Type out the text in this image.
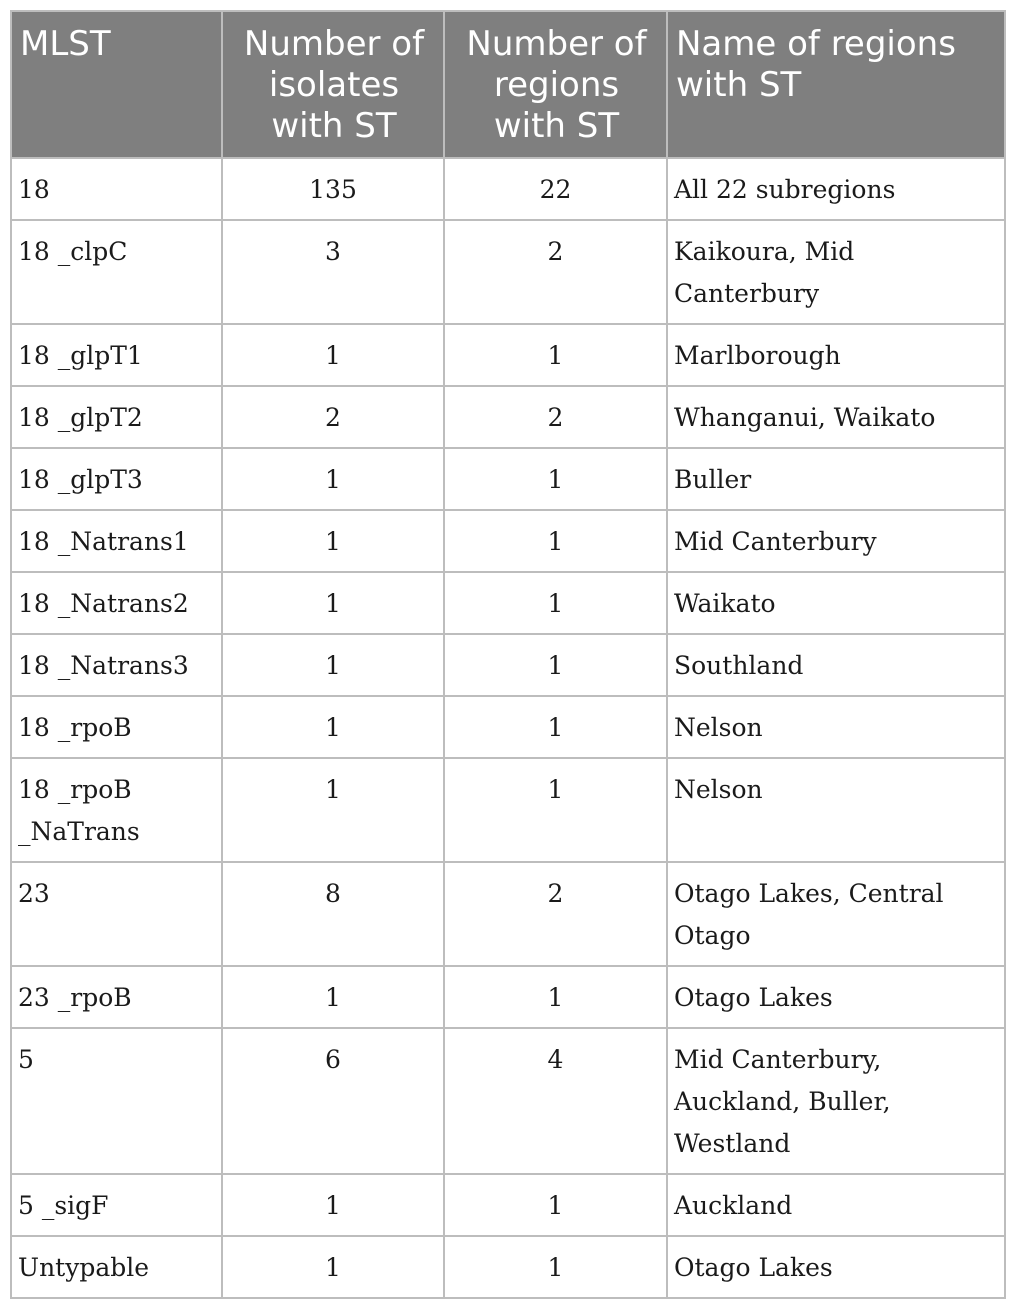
MLST	Number of isolates with ST	Number of regions with ST	Name of regions with ST
18	135	22	All 22 subregions
18 _clpC	3	2	Kaikoura, Mid Canterbury
18 _glpT1	1	1	Marlborough
18 _glpT2	2	2	Whanganui, Waikato
18 _glpT3	1	1	Buller
18 _Natrans1	1	1	Mid Canterbury
18 _Natrans2	1	1	Waikato
18 _Natrans3	1	1	Southland
18 _rpoB	1	1	Nelson
18 _rpoB _NaTrans	1	1	Nelson
23	8	2	Otago Lakes, Central Otago
23 _rpoB	1	1	Otago Lakes
5	6	4	Mid Canterbury, Auckland, Buller, Westland
5 _sigF	1	1	Auckland
Untypable	1	1	Otago Lakes
